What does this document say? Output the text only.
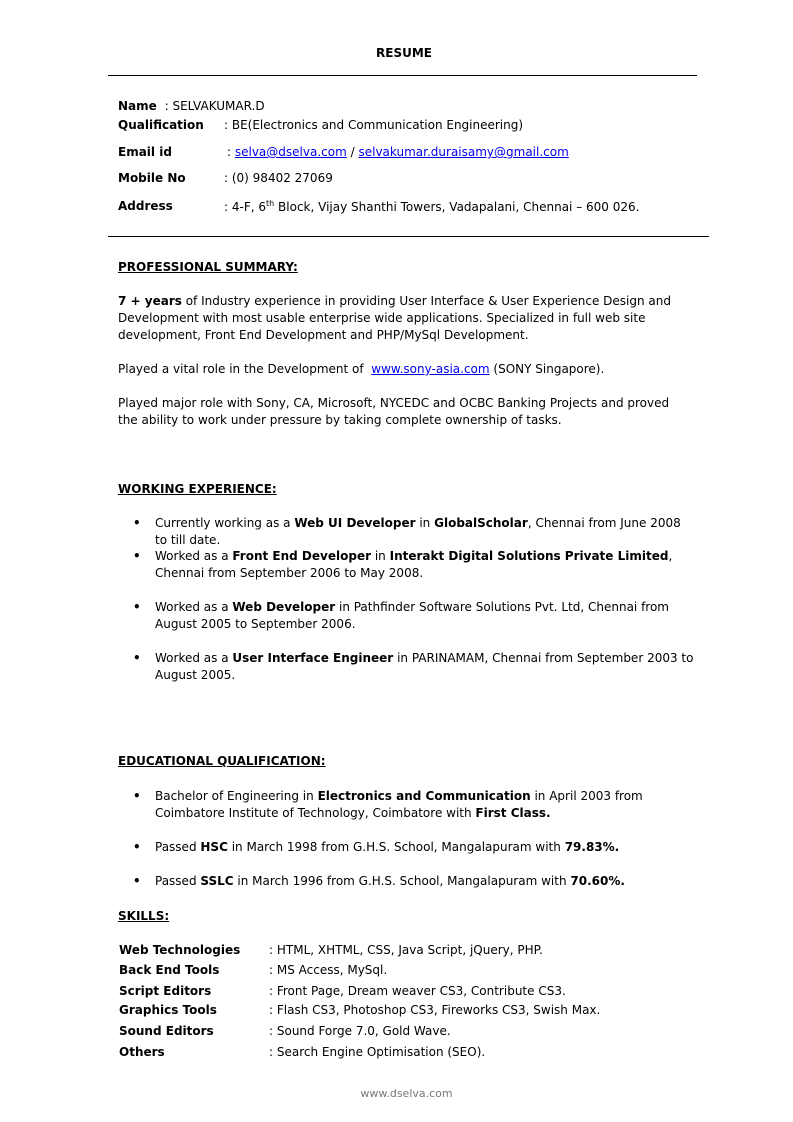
RESUME
Name : SELVAKUMAR.D
Qualification : BE(Electronics and Communication Engineering)
Email id	: selva@dselva.com / selvakumar.duraisamy@gmail.com
Mobile No	: (0) 98402 27069
Address	: 4-F, 6th Block, Vijay Shanthi Towers, Vadapalani, Chennai – 600 026.
PROFESSIONAL SUMMARY:
7 + years of Industry experience in providing User Interface & User Experience Design and Development with most usable enterprise wide applications. Specialized in full web site development, Front End Development and PHP/MySql Development.
Played a vital role in the Development of www.sony-asia.com (SONY Singapore).
Played major role with Sony, CA, Microsoft, NYCEDC and OCBC Banking Projects and proved the ability to work under pressure by taking complete ownership of tasks.
WORKING EXPERIENCE:
• Currently working as a Web UI Developer in GlobalScholar, Chennai from June 2008 to till date.
• Worked as a Front End Developer in Interakt Digital Solutions Private Limited, Chennai from September 2006 to May 2008.
• Worked as a Web Developer in Pathfinder Software Solutions Pvt. Ltd, Chennai from August 2005 to September 2006.
• Worked as a User Interface Engineer in PARINAMAM, Chennai from September 2003 to August 2005.
EDUCATIONAL QUALIFICATION:
• Bachelor of Engineering in Electronics and Communication in April 2003 from Coimbatore Institute of Technology, Coimbatore with First Class.
• Passed HSC in March 1998 from G.H.S. School, Mangalapuram with 79.83%.
• Passed SSLC in March 1996 from G.H.S. School, Mangalapuram with 70.60%.
SKILLS:
Web Technologies : HTML, XHTML, CSS, Java Script, jQuery, PHP.
Back End Tools	: MS Access, MySql.
Script Editors	: Front Page, Dream weaver CS3, Contribute CS3.
Graphics Tools	: Flash CS3, Photoshop CS3, Fireworks CS3, Swish Max.
Sound Editors	: Sound Forge 7.0, Gold Wave.
Others	: Search Engine Optimisation (SEO).
www.dselva.com
